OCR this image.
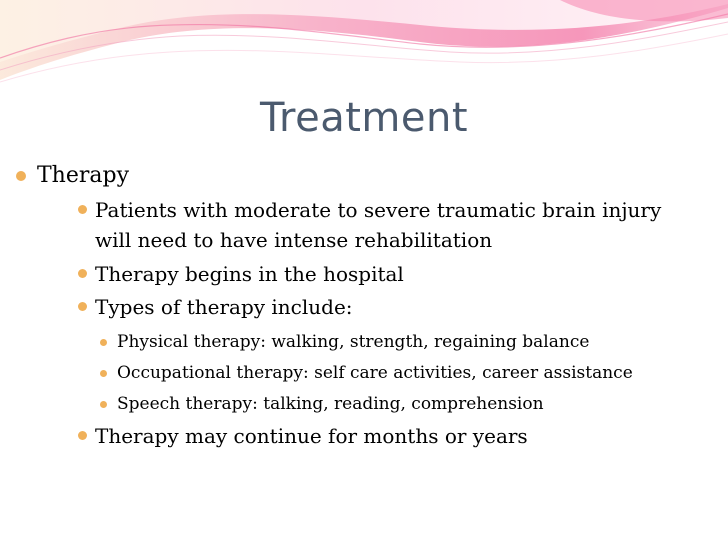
Treatment
Therapy
Patients with moderate to severe traumatic brain injury
will need to have intense rehabilitation
Therapy begins in the hospital
Types of therapy include:
Physical therapy: walking, strength, regaining balance
Occupational therapy: self care activities, career assistance
Speech therapy: talking, reading, comprehension
Therapy may continue for months or years
